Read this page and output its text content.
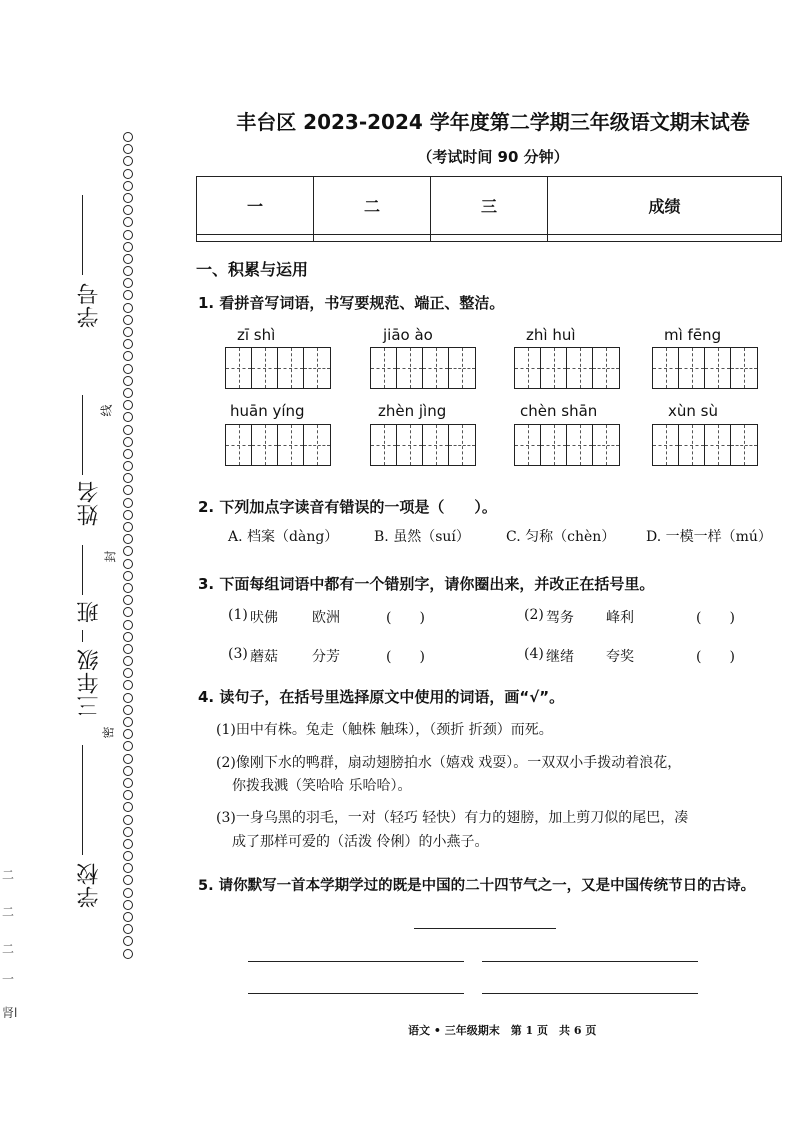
学号
姓名
班
三年级
学校
线
封
密
二
二
二
一
肾l
丰台区 2023-2024 学年度第二学期三年级语文期末试卷
（考试时间 90 分钟）
一	二	三	成绩

一、积累与运用
1. 看拼音写词语，书写要规范、端正、整洁。
zī shì	jiāo ào	zhì huì	mì fēng
huān yíng	zhèn jìng	chèn shān	xùn sù
2. 下列加点字读音有错误的一项是（　　）。
A. 档案（dàng）	B. 虽然（suí）	C. 匀称（chèn） D. 一模一样（mú）
3. 下面每组词语中都有一个错别字，请你圈出来，并改正在括号里。
(1) 吠佛 欧洲	(　　)	(2) 驾务 峰利	(　　)
(3) 蘑菇 分芳	(　　)	(4) 继绪 夸奖	(　　)
4. 读句子，在括号里选择原文中使用的词语，画“√”。
(1)田中有株。兔走（触株 触珠），（颈折 折颈）而死。
(2)像刚下水的鸭群，扇动翅膀拍水（嬉戏 戏耍）。一双双小手拨动着浪花，
你拨我溅（笑哈哈 乐哈哈）。
(3)一身乌黑的羽毛，一对（轻巧 轻快）有力的翅膀，加上剪刀似的尾巴，凑
成了那样可爱的（活泼 伶俐）的小燕子。
5. 请你默写一首本学期学过的既是中国的二十四节气之一，又是中国传统节日的古诗。
语文 • 三年级期末　第 1 页　共 6 页
